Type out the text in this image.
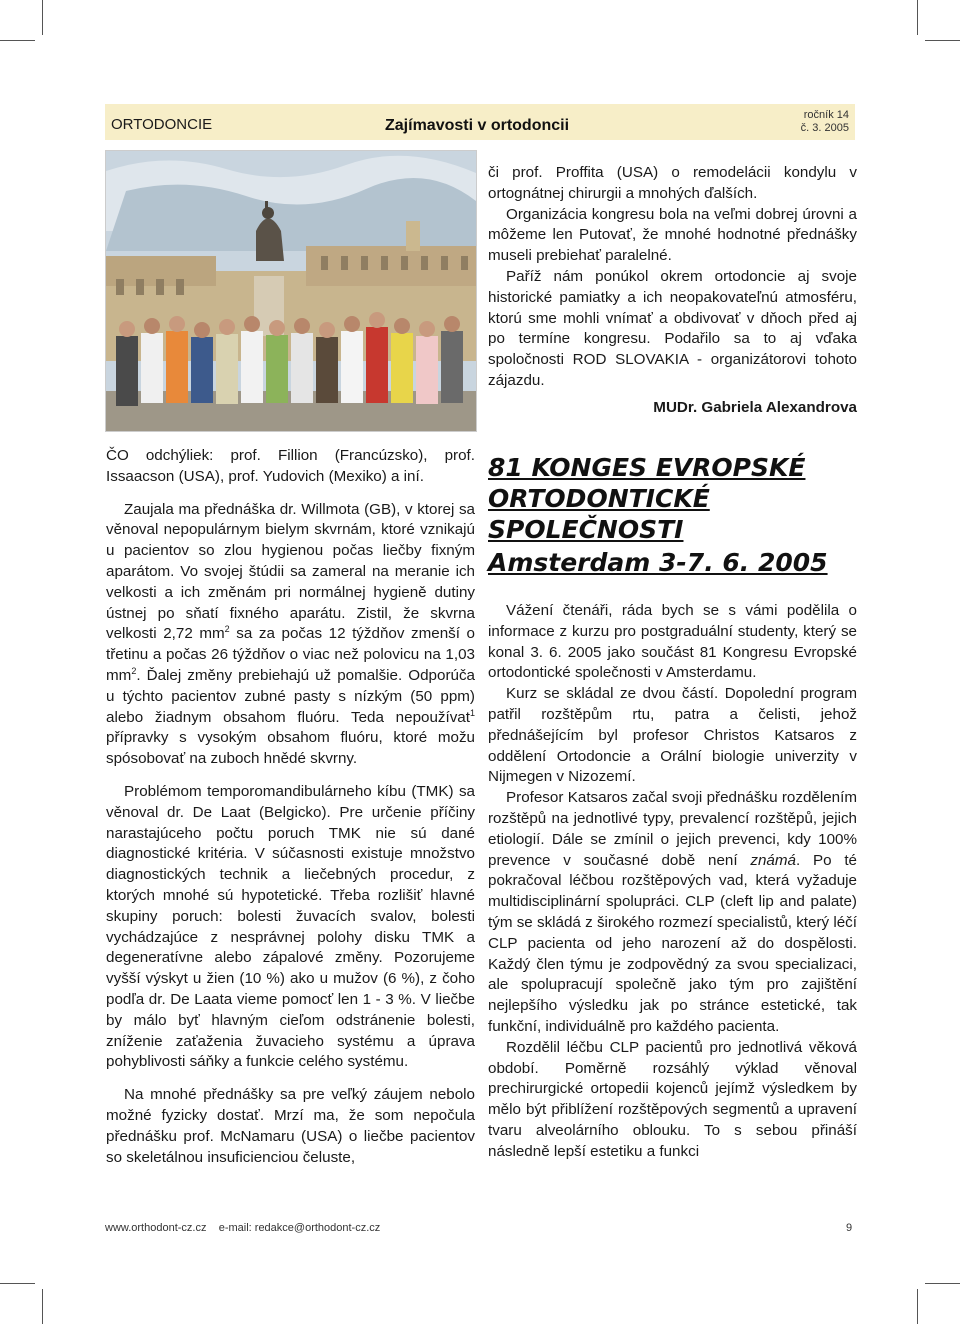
ORTODONCIE	Zajímavosti v ortodoncii
ročník 14
č. 3. 2005

či prof. Proffita (USA) o remodelácii kondylu v ortognátnej chirurgii a mnohých ďalších.

Organizácia kongresu bola na veľmi dobrej úrovni a môžeme len Putovať, že mnohé hodnotné přednášky museli prebiehať paralelné.

Paříž nám ponúkol okrem ortodoncie aj svoje historické pamiatky a ich neopakovateľnú atmosféru, ktorú sme mohli vnímať a obdivovať v dňoch před aj po termíne kongresu. Podařilo sa to aj vďaka spoločnosti ROD SLOVAKIA - organizátorovi tohoto zájazdu.

MUDr. Gabriela Alexandrova

ČO odchýliek: prof. Fillion (Francúzsko), prof. Issaacson (USA), prof. Yudovich (Mexiko) a iní.

Zaujala ma přednáška dr. Willmota (GB), v ktorej sa věnoval nepopulárnym bielym skvrnám, ktoré vznikajú u pacientov so zlou hygienou počas liečby fixným aparátom. Vo svojej štúdii sa zameral na meranie ich velkosti a ich změnám pri normálnej hygieně dutiny ústnej po sňatí fixného aparátu. Zistil, že skvrna velkosti 2,72 $mm^2$ sa za počas 12 týždňov zmenší o třetinu a počas 26 týždňov o viac než polovicu na 1,03 $mm^2$. Ďalej změny prebiehajú už pomalšie. Odporúča u týchto pacientov zubné pasty s nízkým (50 ppm) alebo žiadnym obsahom fluóru. Teda nepoužívat$^1$ přípravky s vysokým obsahom fluóru, ktoré možu spósobovať na zuboch hnědé skvrny.

Problémom temporomandibulárneho kíbu (TMK) sa věnoval dr. De Laat (Belgicko). Pre určenie příčiny narastajúceho počtu poruch TMK nie sú dané diagnostické kritéria. V súčasnosti existuje množstvo diagnostických technik a liečebných procedur, z ktorých mnohé sú hypotetické. Třeba rozlišiť hlavné skupiny poruch: bolesti žuvacích svalov, bolesti vychádzajúce z nesprávnej polohy disku TMK a degeneratívne alebo zápalové změny. Pozorujeme vyšší výskyt u žien (10 %) ako u mužov (6 %), z čoho podľa dr. De Laata vieme pomocť len 1 - 3 %. V liečbe by málo byť hlavným cieľom odstránenie bolesti, zníženie zaťaženia žuvacieho systému a úprava pohyblivosti sáňky a funkcie celého systému.

Na mnohé přednášky sa pre veľký záujem nebolo možné fyzicky dostať. Mrzí ma, že som nepočula přednášku prof. McNamaru (USA) o liečbe pacientov so skeletálnou insuficienciou čeluste,

81 KONGES EVROPSKÉ
ORTODONTICKÉ
SPOLEČNOSTI
Amsterdam 3-7. 6. 2005

Vážení čtenáři, ráda bych se s vámi podělila o informace z kurzu pro postgraduální studenty, který se konal 3. 6. 2005 jako součást 81 Kongresu Evropské ortodontické společnosti v Amsterdamu.

Kurz se skládal ze dvou částí. Dopolední program patřil rozštěpům rtu, patra a čelisti, jehož přednášejícím byl profesor Christos Katsaros z oddělení Ortodoncie a Orální biologie univerzity v Nijmegen v Nizozemí.

Profesor Katsaros začal svoji přednášku rozdělením rozštěpů na jednotlivé typy, prevalencí rozštěpů, jejich etiologií. Dále se zmínil o jejich prevenci, kdy 100% prevence v současné době není známá. Po té pokračoval léčbou rozštěpových vad, která vyžaduje multidisciplinární spolupráci. CLP (cleft lip and palate) tým se skládá z širokého rozmezí specialistů, který léčí CLP pacienta od jeho narození až do dospělosti. Každý člen týmu je zodpovědný za svou specializaci, ale spolupracují společně jako tým pro zajištění nejlepšího výsledku jak po stránce estetické, tak funkční, individuálně pro každého pacienta.

Rozdělil léčbu CLP pacientů pro jednotlivá věková období. Poměrně rozsáhlý výklad věnoval prechirurgické ortopedii kojenců jejímž výsledkem by mělo být přiblížení rozštěpových segmentů a upravení tvaru alveolárního oblouku. To s sebou přináší následně lepší estetiku a funkci

www.orthodont-cz.cz e-mail: redakce@orthodont-cz.cz	9
